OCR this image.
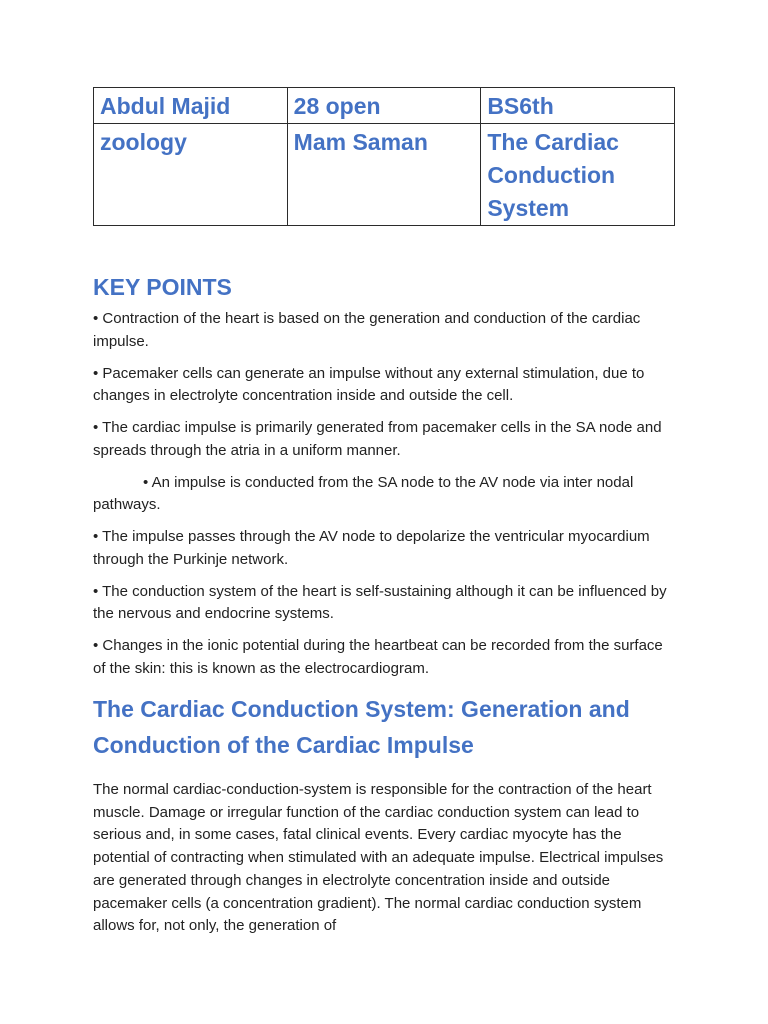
Abdul Majid	28 open	BS6th
zoology	Mam Saman	The Cardiac Conduction System
KEY POINTS

• Contraction of the heart is based on the generation and conduction of the cardiac impulse.

• Pacemaker cells can generate an impulse without any external stimulation, due to changes in electrolyte concentration inside and outside the cell.

• The cardiac impulse is primarily generated from pacemaker cells in the SA node and spreads through the atria in a uniform manner.

• An impulse is conducted from the SA node to the AV node via inter nodal pathways.

• The impulse passes through the AV node to depolarize the ventricular myocardium through the Purkinje network.

• The conduction system of the heart is self-sustaining although it can be influenced by the nervous and endocrine systems.

• Changes in the ionic potential during the heartbeat can be recorded from the surface of the skin: this is known as the electrocardiogram.

The Cardiac Conduction System: Generation and Conduction of the Cardiac Impulse

The normal cardiac-conduction-system is responsible for the contraction of the heart muscle. Damage or irregular function of the cardiac conduction system can lead to serious and, in some cases, fatal clinical events. Every cardiac myocyte has the potential of contracting when stimulated with an adequate impulse. Electrical impulses are generated through changes in electrolyte concentration inside and outside pacemaker cells (a concentration gradient). The normal cardiac conduction system allows for, not only, the generation of
